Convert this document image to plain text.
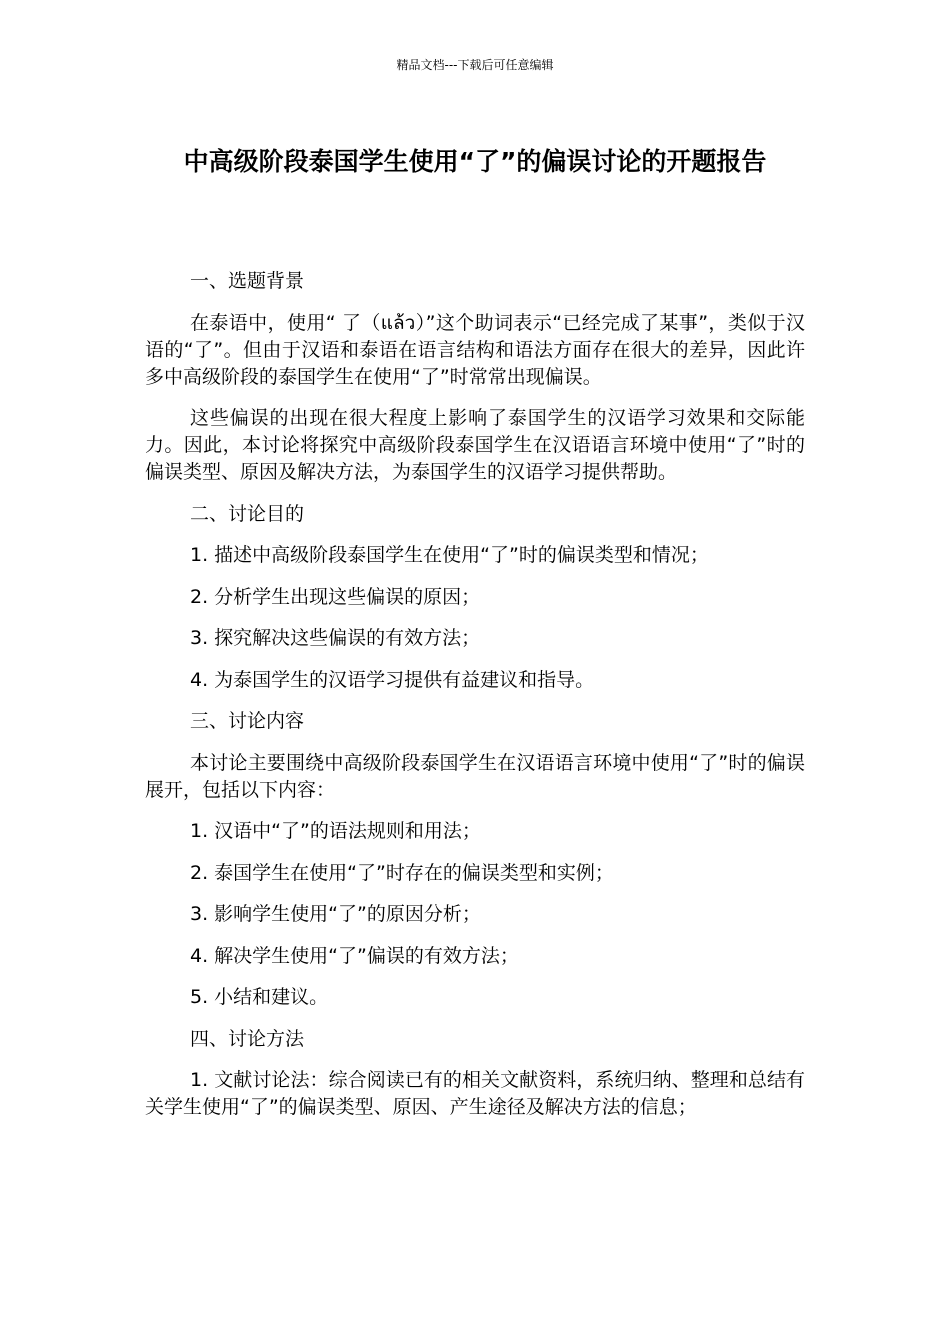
精品文档---下载后可任意编辑
中高级阶段泰国学生使用“了”的偏误讨论的开题报告
一、选题背景
在泰语中，使用“ 了（แล้ว）”这个助词表示“已经完成了某事”，类似于汉语的“了”。但由于汉语和泰语在语言结构和语法方面存在很大的差异，因此许多中高级阶段的泰国学生在使用“了”时常常出现偏误。
这些偏误的出现在很大程度上影响了泰国学生的汉语学习效果和交际能力。因此，本讨论将探究中高级阶段泰国学生在汉语语言环境中使用“了”时的偏误类型、原因及解决方法，为泰国学生的汉语学习提供帮助。
二、讨论目的
1. 描述中高级阶段泰国学生在使用“了”时的偏误类型和情况；
2. 分析学生出现这些偏误的原因；
3. 探究解决这些偏误的有效方法；
4. 为泰国学生的汉语学习提供有益建议和指导。
三、讨论内容
本讨论主要围绕中高级阶段泰国学生在汉语语言环境中使用“了”时的偏误展开，包括以下内容：
1. 汉语中“了”的语法规则和用法；
2. 泰国学生在使用“了”时存在的偏误类型和实例；
3. 影响学生使用“了”的原因分析；
4. 解决学生使用“了”偏误的有效方法；
5. 小结和建议。
四、讨论方法
1. 文献讨论法：综合阅读已有的相关文献资料，系统归纳、整理和总结有关学生使用“了”的偏误类型、原因、产生途径及解决方法的信息；
